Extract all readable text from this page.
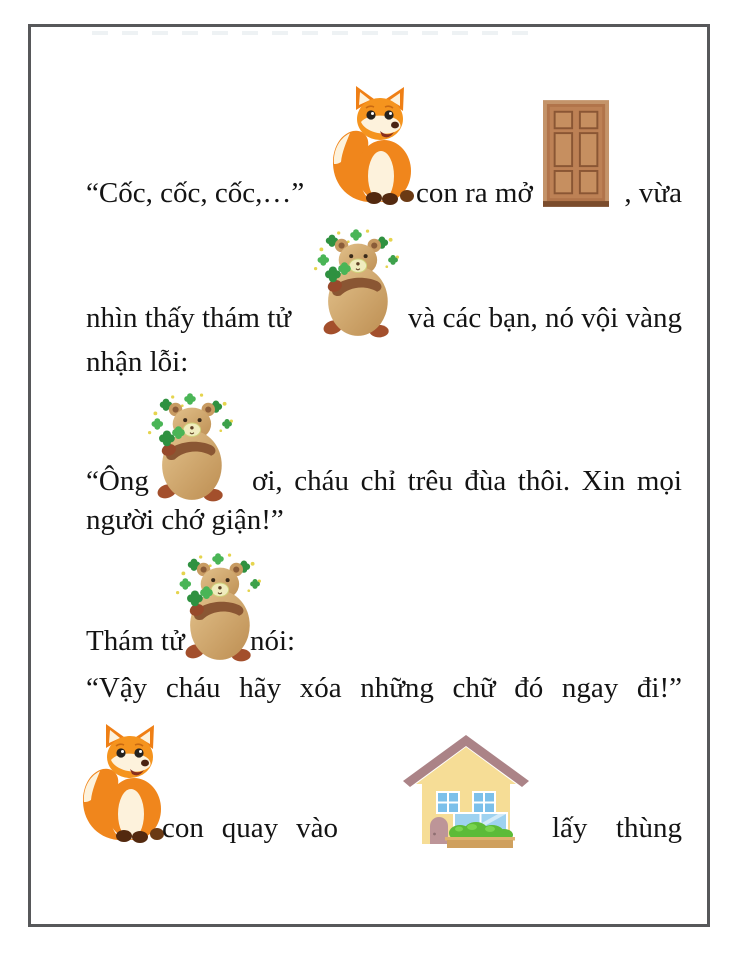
“Cốc, cốc, cốc,…”	con ra mở	, vừa
nhìn thấy thám tử	và các bạn, nó vội vàng
nhận lỗi:
“Ông	ơi, cháu chỉ trêu đùa thôi. Xin mọi
người chớ giận!”
Thám tử nói:
“Vậy cháu hãy xóa những chữ đó ngay đi!”
con quay vào	lấy thùng
